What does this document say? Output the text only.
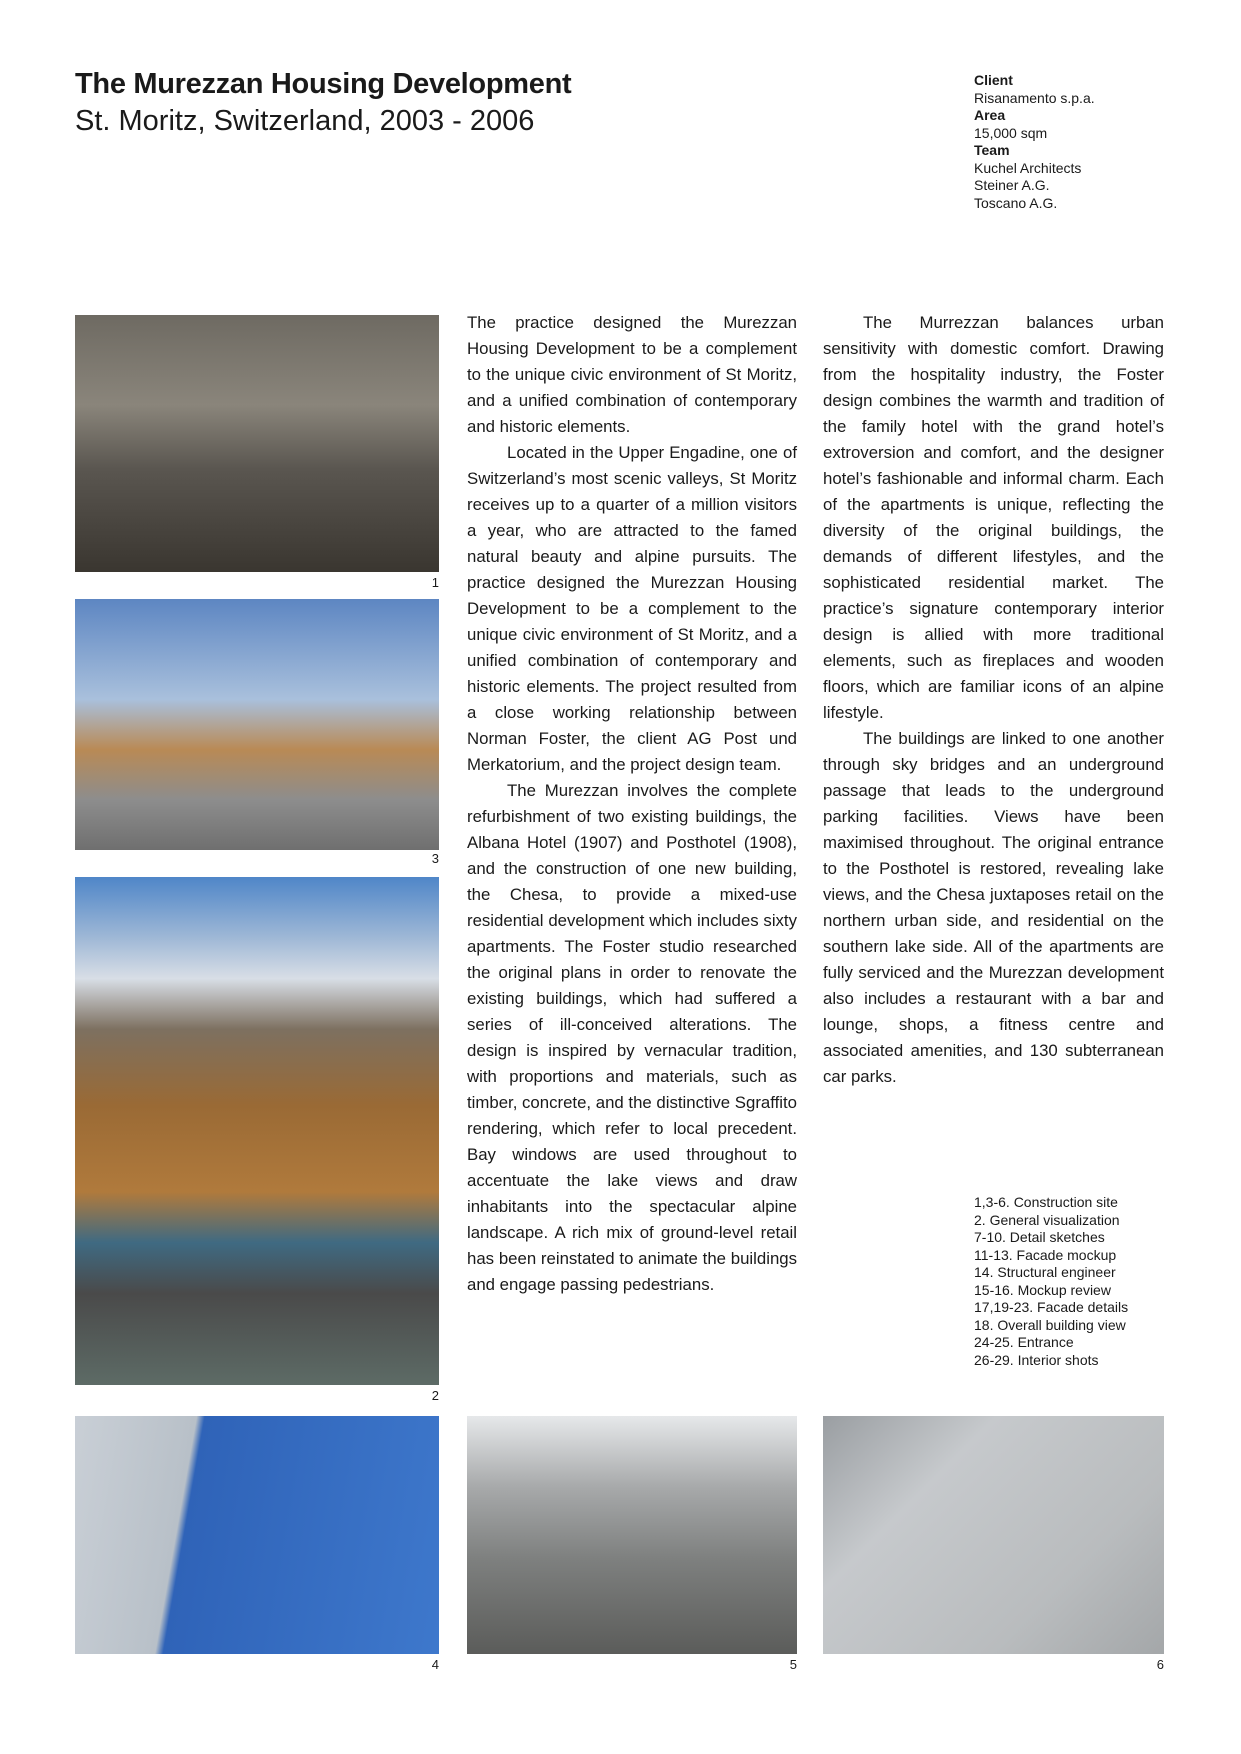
The Murezzan Housing Development
St. Moritz, Switzerland, 2003 - 2006
Client
Risanamento s.p.a.
Area
15,000 sqm
Team
Kuchel Architects
Steiner A.G.
Toscano A.G.

The practice designed the Murezzan Housing Development to be a complement to the unique civic environment of St Moritz, and a unified combination of contemporary and historic elements.

Located in the Upper Engadine, one of Switzerland’s most scenic valleys, St Moritz receives up to a quarter of a million visitors a year, who are attracted to the famed natural beauty and alpine pursuits. The practice designed the Murezzan Housing Development to be a complement to the unique civic environment of St Moritz, and a unified combination of contemporary and historic elements. The project resulted from a close working relationship between Norman Foster, the client AG Post und Merkatorium, and the project design team.

The Murezzan involves the complete refurbishment of two existing buildings, the Albana Hotel (1907) and Posthotel (1908), and the construction of one new building, the Chesa, to provide a mixed-use residential development which includes sixty apartments. The Foster studio researched the original plans in order to renovate the existing buildings, which had suffered a series of ill-conceived alterations. The design is inspired by vernacular tradition, with proportions and materials, such as timber, concrete, and the distinctive Sgraffito rendering, which refer to local precedent. Bay windows are used throughout to accentuate the lake views and draw inhabitants into the spectacular alpine landscape. A rich mix of ground-level retail has been reinstated to animate the buildings and engage passing pedestrians.

The Murrezzan balances urban sensitivity with domestic comfort. Drawing from the hospitality industry, the Foster design combines the warmth and tradition of the family hotel with the grand hotel’s extroversion and comfort, and the designer hotel’s fashionable and informal charm. Each of the apartments is unique, reflecting the diversity of the original buildings, the demands of different lifestyles, and the sophisticated residential market. The practice’s signature contemporary interior design is allied with more traditional elements, such as fireplaces and wooden floors, which are familiar icons of an alpine lifestyle.

The buildings are linked to one another through sky bridges and an underground passage that leads to the underground parking facilities. Views have been maximised throughout. The original entrance to the Posthotel is restored, revealing lake views, and the Chesa juxtaposes retail on the northern urban side, and residential on the southern lake side. All of the apartments are fully serviced and the Murezzan development also includes a restaurant with a bar and lounge, shops, a fitness centre and associated amenities, and 130 subterranean car parks.

1
3
2
4	5	6
1,3-6. Construction site
2. General visualization
7-10. Detail sketches
11-13. Facade mockup
14. Structural engineer
15-16. Mockup review
17,19-23. Facade details
18. Overall building view
24-25. Entrance
26-29. Interior shots
